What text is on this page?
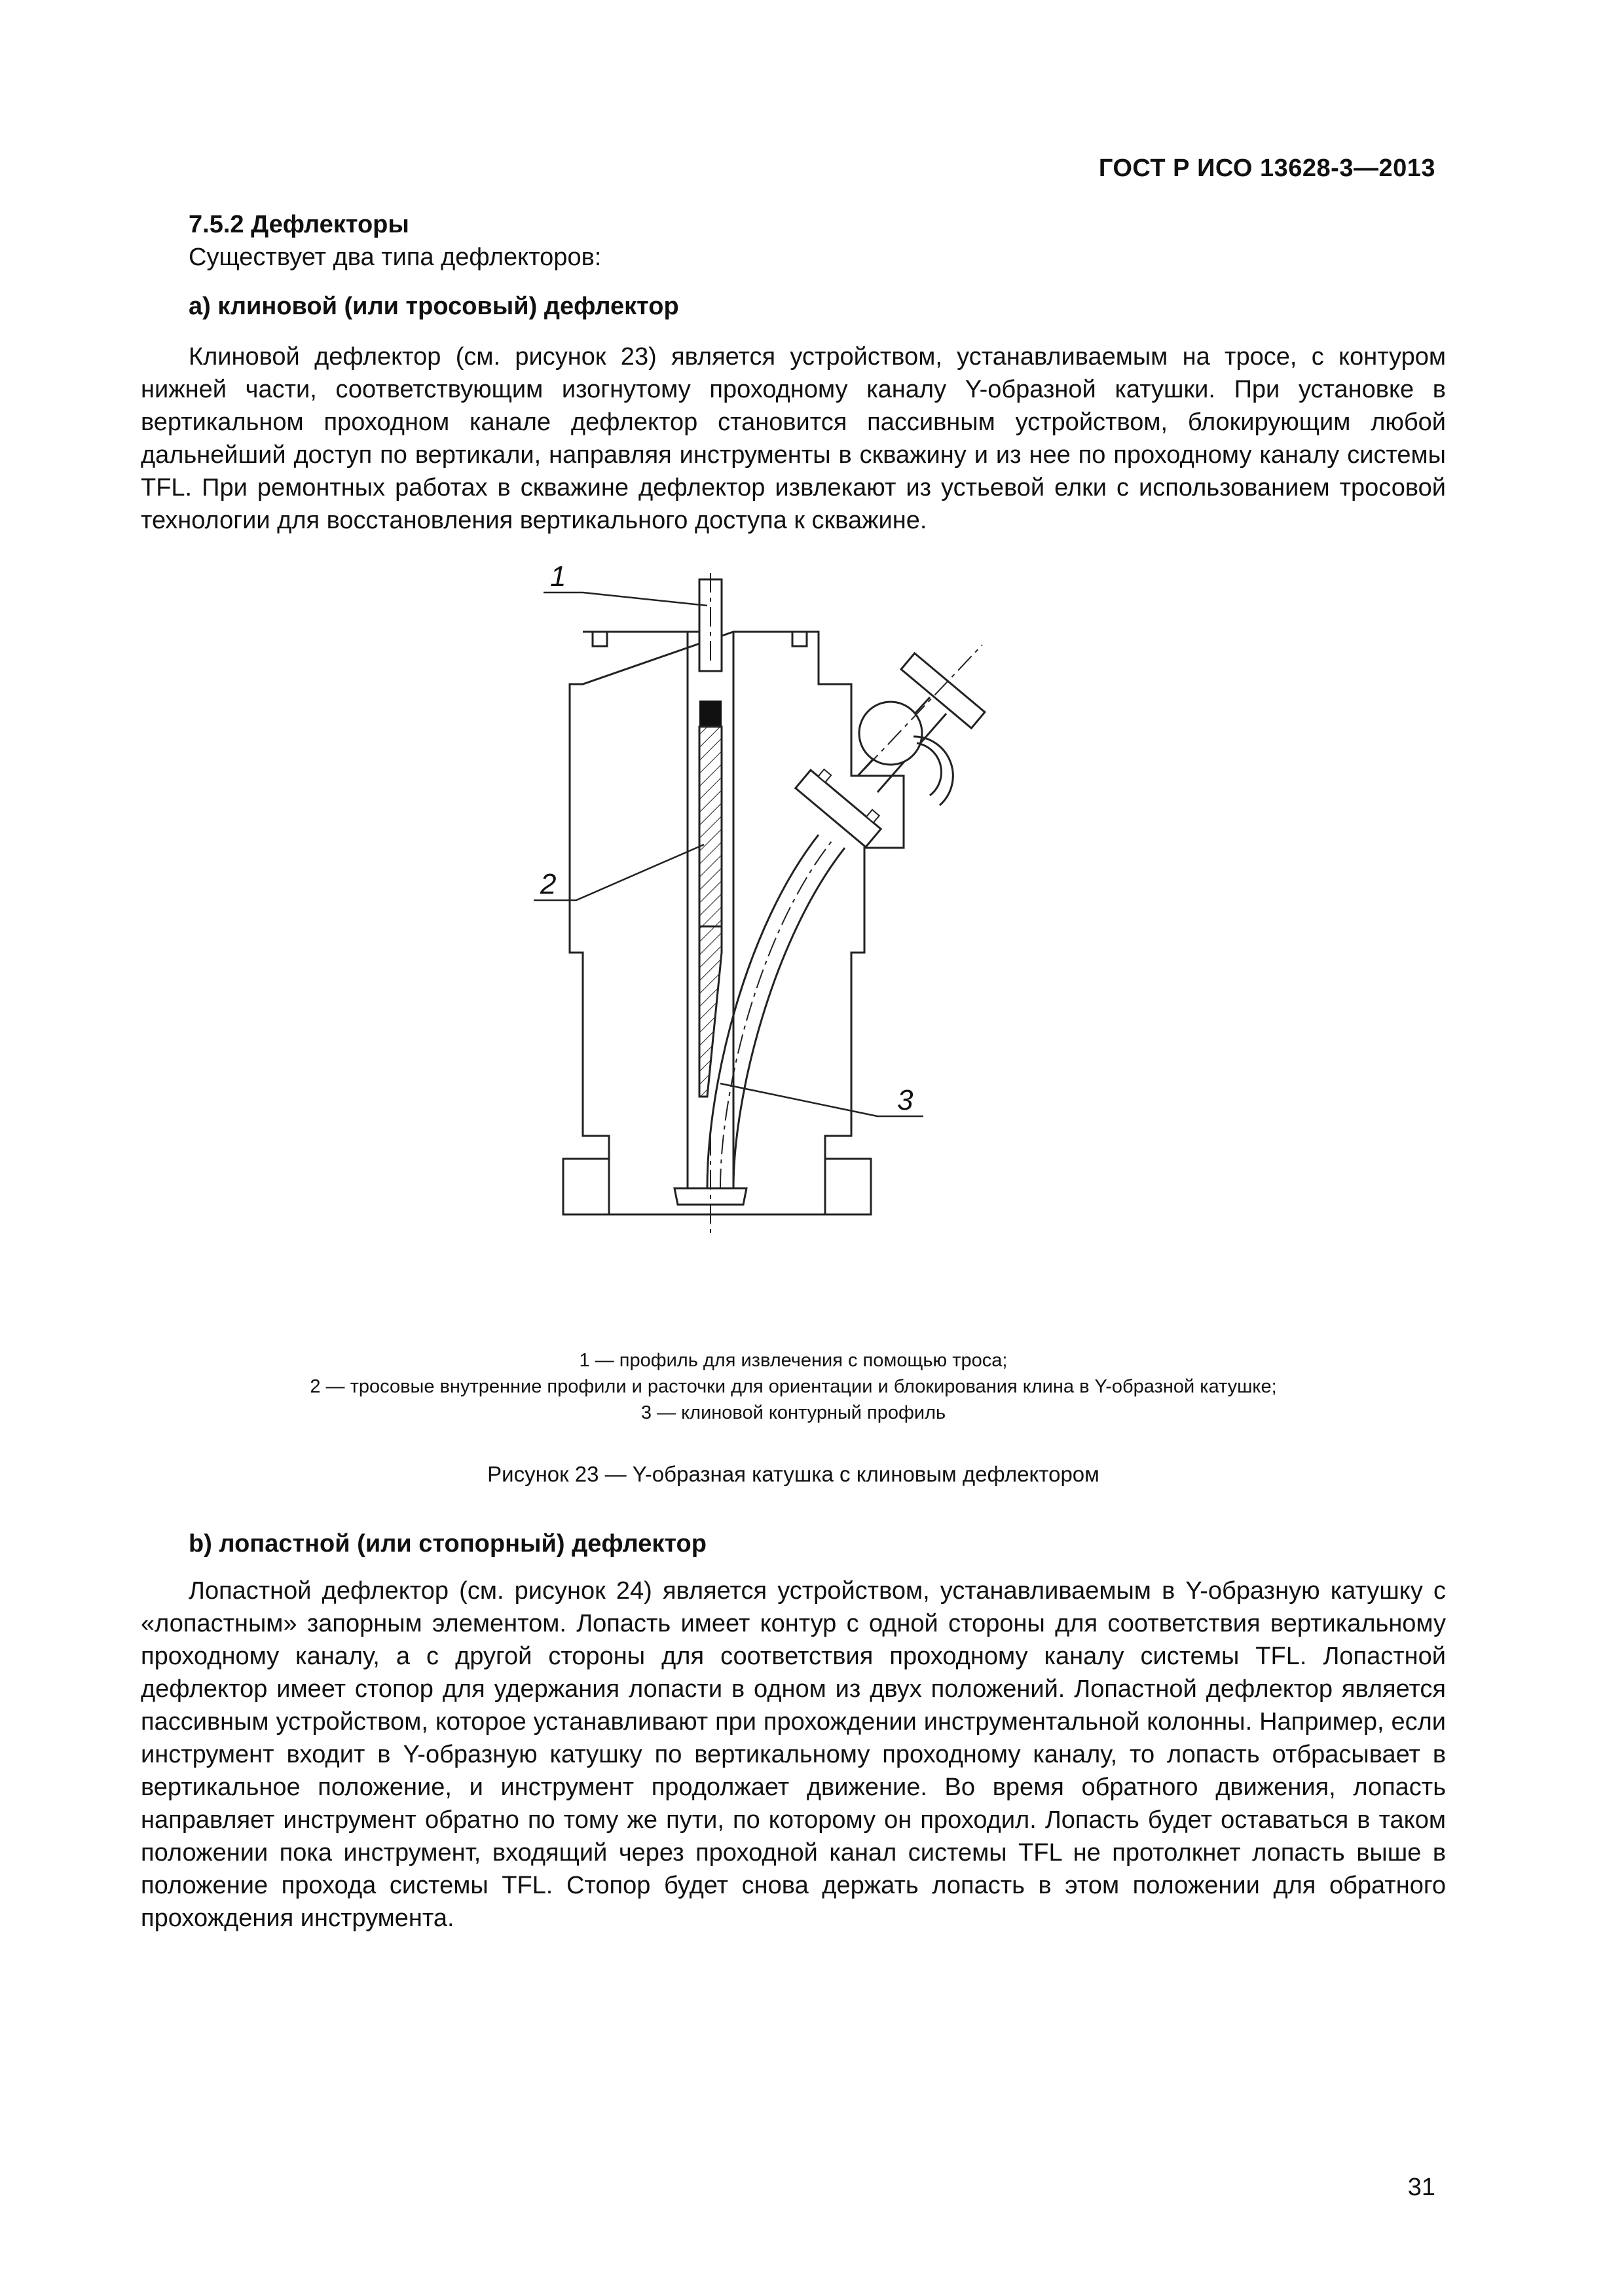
ГОСТ Р ИСО 13628-3—2013
7.5.2 Дефлекторы
Существует два типа дефлекторов:
a) клиновой (или тросовый) дефлектор

Клиновой дефлектор (см. рисунок 23) является устройством, устанавливаемым на тросе, с контуром нижней части, соответствующим изогнутому проходному каналу Y-образной катушки. При установке в вертикальном проходном канале дефлектор становится пассивным устройством, блокирующим любой дальнейший доступ по вертикали, направляя инструменты в скважину и из нее по проходному каналу системы TFL. При ремонтных работах в скважине дефлектор извлекают из устьевой елки с использованием тросовой технологии для восстановления вертикального доступа к скважине.

1
2
3
1 — профиль для извлечения с помощью троса;
2 — тросовые внутренние профили и расточки для ориентации и блокирования клина в Y-образной катушке;
3 — клиновой контурный профиль
Рисунок 23 — Y-образная катушка с клиновым дефлектором
b) лопастной (или стопорный) дефлектор

Лопастной дефлектор (см. рисунок 24) является устройством, устанавливаемым в Y-образную катушку с «лопастным» запорным элементом. Лопасть имеет контур с одной стороны для соответствия вертикальному проходному каналу, а с другой стороны для соответствия проходному каналу системы TFL. Лопастной дефлектор имеет стопор для удержания лопасти в одном из двух положений. Лопастной дефлектор является пассивным устройством, которое устанавливают при прохождении инструментальной колонны. Например, если инструмент входит в Y-образную катушку по вертикальному проходному каналу, то лопасть отбрасывает в вертикальное положение, и инструмент продолжает движение. Во время обратного движения, лопасть направляет инструмент обратно по тому же пути, по которому он проходил. Лопасть будет оставаться в таком положении пока инструмент, входящий через проходной канал системы TFL не протолкнет лопасть выше в положение прохода системы TFL. Стопор будет снова держать лопасть в этом положении для обратного прохождения инструмента.

31
